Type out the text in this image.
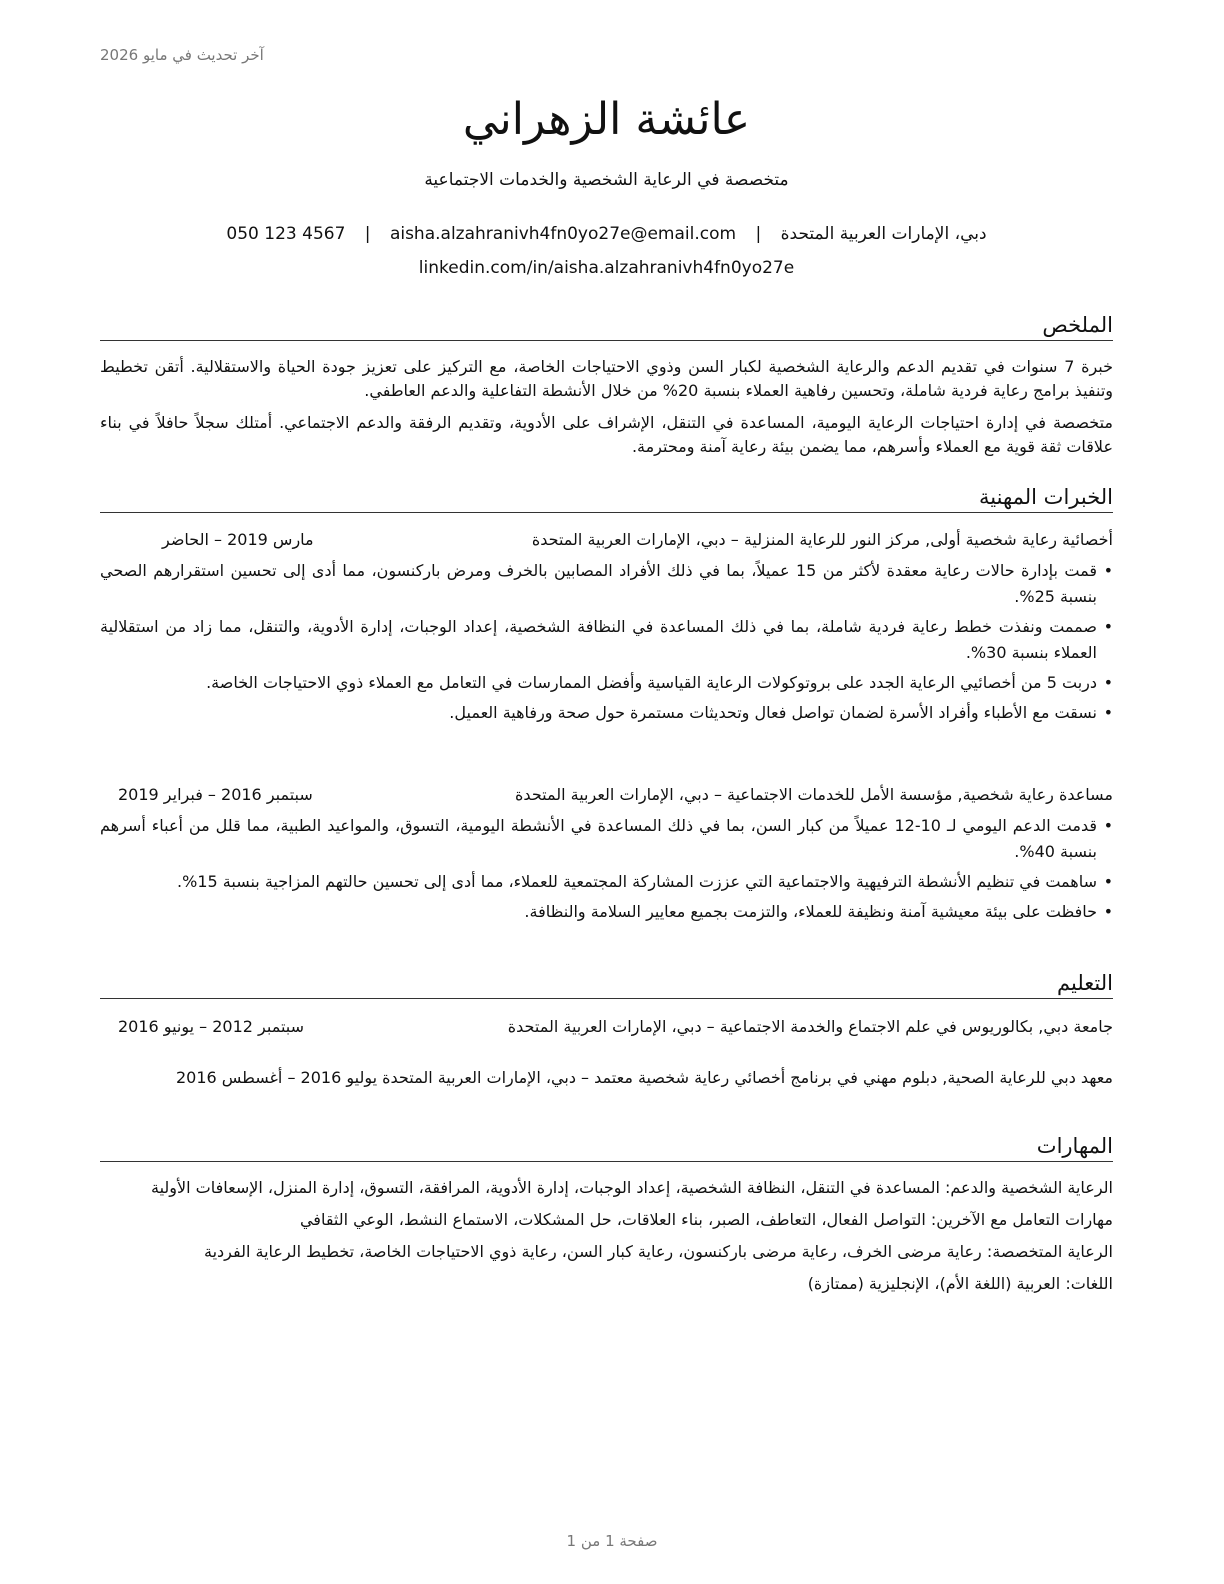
آخر تحديث في مايو 2026
عائشة الزهراني
متخصصة في الرعاية الشخصية والخدمات الاجتماعية
050 123 4567 | aisha.alzahranivh4fn0yo27e@email.com | دبي، الإمارات العربية المتحدة
linkedin.com/in/aisha.alzahranivh4fn0yo27e
الملخص

خبرة 7 سنوات في تقديم الدعم والرعاية الشخصية لكبار السن وذوي الاحتياجات الخاصة، مع التركيز على تعزيز جودة الحياة والاستقلالية. أتقن تخطيط وتنفيذ برامج رعاية فردية شاملة، وتحسين رفاهية العملاء بنسبة 20% من خلال الأنشطة التفاعلية والدعم العاطفي.

متخصصة في إدارة احتياجات الرعاية اليومية، المساعدة في التنقل، الإشراف على الأدوية، وتقديم الرفقة والدعم الاجتماعي. أمتلك سجلاً حافلاً في بناء علاقات ثقة قوية مع العملاء وأسرهم، مما يضمن بيئة رعاية آمنة ومحترمة.

الخبرات المهنية
أخصائية رعاية شخصية أولى, مركز النور للرعاية المنزلية – دبي، الإمارات العربية المتحدة
مارس 2019 – الحاضر
•
قمت بإدارة حالات رعاية معقدة لأكثر من 15 عميلاً، بما في ذلك الأفراد المصابين بالخرف ومرض باركنسون، مما أدى إلى تحسين استقرارهم الصحي بنسبة 25%.
•
صممت ونفذت خطط رعاية فردية شاملة، بما في ذلك المساعدة في النظافة الشخصية، إعداد الوجبات، إدارة الأدوية، والتنقل، مما زاد من استقلالية العملاء بنسبة 30%.
•
دربت 5 من أخصائيي الرعاية الجدد على بروتوكولات الرعاية القياسية وأفضل الممارسات في التعامل مع العملاء ذوي الاحتياجات الخاصة.
•
نسقت مع الأطباء وأفراد الأسرة لضمان تواصل فعال وتحديثات مستمرة حول صحة ورفاهية العميل.
مساعدة رعاية شخصية, مؤسسة الأمل للخدمات الاجتماعية – دبي، الإمارات العربية المتحدة
سبتمبر 2016 – فبراير 2019
•
قدمت الدعم اليومي لـ 10-12 عميلاً من كبار السن، بما في ذلك المساعدة في الأنشطة اليومية، التسوق، والمواعيد الطبية، مما قلل من أعباء أسرهم بنسبة 40%.
•
ساهمت في تنظيم الأنشطة الترفيهية والاجتماعية التي عززت المشاركة المجتمعية للعملاء، مما أدى إلى تحسين حالتهم المزاجية بنسبة 15%.
•
حافظت على بيئة معيشية آمنة ونظيفة للعملاء، والتزمت بجميع معايير السلامة والنظافة.
التعليم
جامعة دبي, بكالوريوس في علم الاجتماع والخدمة الاجتماعية – دبي، الإمارات العربية المتحدة
سبتمبر 2012 – يونيو 2016
معهد دبي للرعاية الصحية, دبلوم مهني في برنامج أخصائي رعاية شخصية معتمد – دبي، الإمارات العربية المتحدة يوليو 2016 – أغسطس 2016
المهارات

الرعاية الشخصية والدعم: المساعدة في التنقل، النظافة الشخصية، إعداد الوجبات، إدارة الأدوية، المرافقة، التسوق، إدارة المنزل، الإسعافات الأولية

مهارات التعامل مع الآخرين: التواصل الفعال، التعاطف، الصبر، بناء العلاقات، حل المشكلات، الاستماع النشط، الوعي الثقافي

الرعاية المتخصصة: رعاية مرضى الخرف، رعاية مرضى باركنسون، رعاية كبار السن، رعاية ذوي الاحتياجات الخاصة، تخطيط الرعاية الفردية

اللغات: العربية (اللغة الأم)، الإنجليزية (ممتازة)

صفحة 1 من 1
